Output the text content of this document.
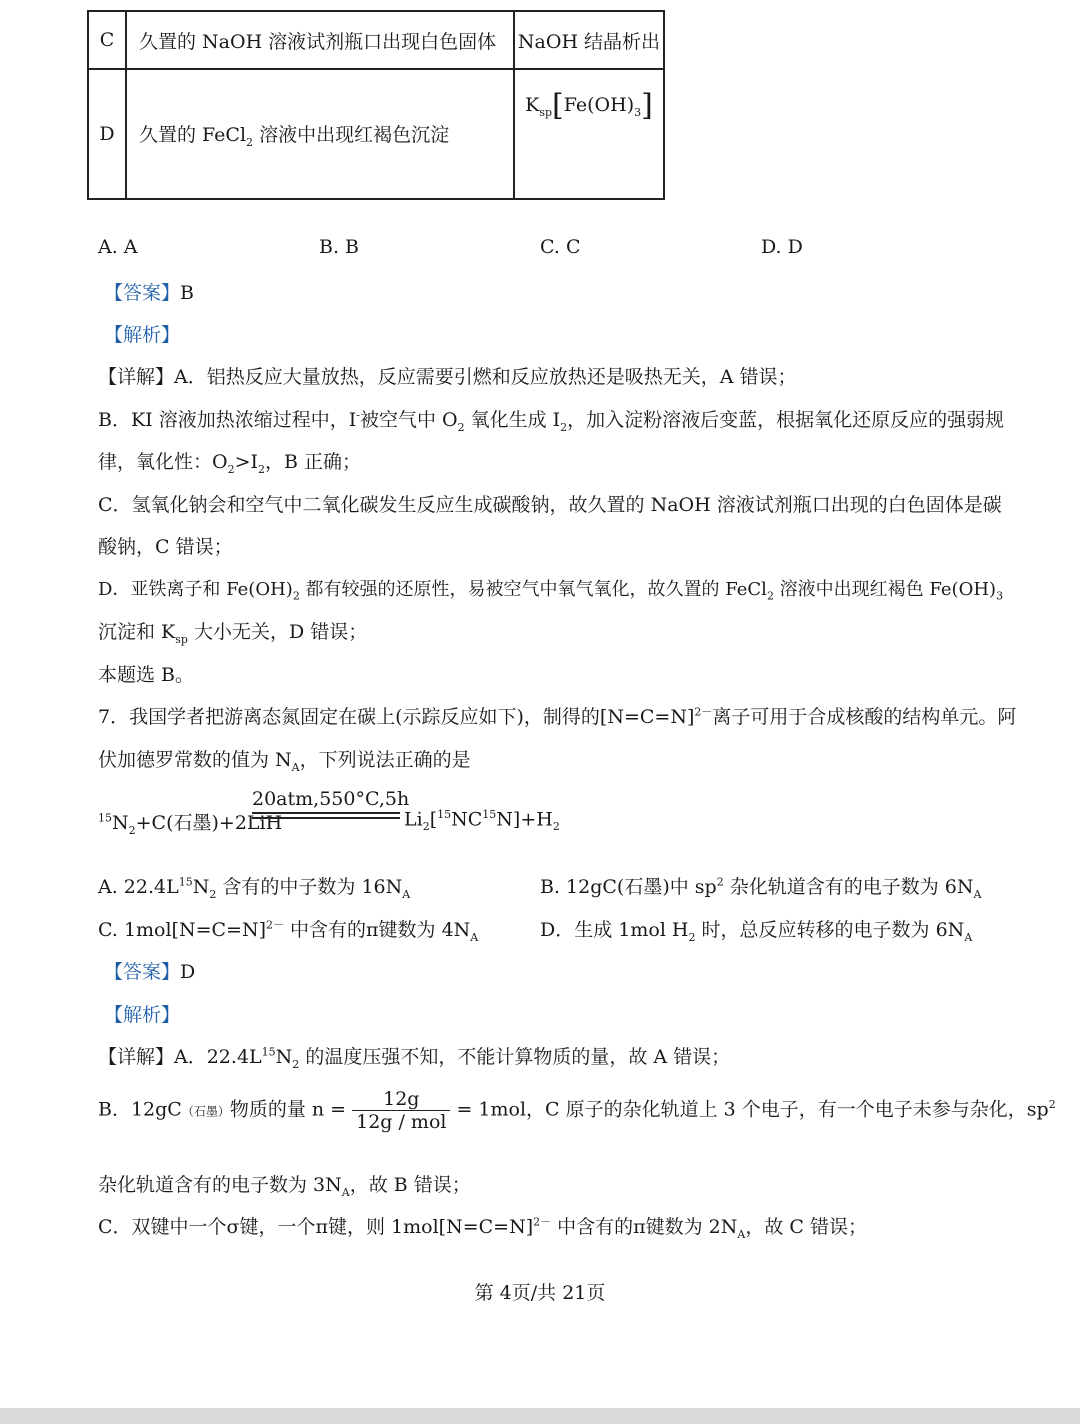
C	久置的 NaOH 溶液试剂瓶口出现白色固体	NaOH 结晶析出
D	久置的 FeCl$_2$ 溶液中出现红褐色沉淀	$K_{sp}[Fe(OH)_3]$
A. A	B. B	C. C	D. D
【答案】B
【解析】
【详解】A．铝热反应大量放热，反应需要引燃和反应放热还是吸热无关，A 错误；
B．KI 溶液加热浓缩过程中，I-被空气中 $O_2$ 氧化生成 $I_2$，加入淀粉溶液后变蓝，根据氧化还原反应的强弱规
律，氧化性：$O_2>I_2$，B 正确；
C．氢氧化钠会和空气中二氧化碳发生反应生成碳酸钠，故久置的 NaOH 溶液试剂瓶口出现的白色固体是碳
酸钠，C 错误；
D．亚铁离子和 $Fe(OH)_2$ 都有较强的还原性，易被空气中氧气氧化，故久置的 FeCl$_2$ 溶液中出现红褐色 $Fe(OH)_3$
沉淀和 $K_{sp}$ 大小无关，D 错误；
本题选 B。
7．我国学者把游离态氮固定在碳上(示踪反应如下)，制得的[N=C=N]$^{2-}$离子可用于合成核酸的结构单元。阿
伏加德罗常数的值为 $N_A$，下列说法正确的是
$^{15}N_2+C$(石墨)+2LiH
20atm,550°C,5h
$Li_2[^{15}NC^{15}N]+H_2$
A. $22.4L^{15}N_2$ 含有的中子数为 $16N_A$	B. 12gC(石墨)中 $sp^2$ 杂化轨道含有的电子数为 $6N_A$
C. 1mol[N=C=N]$^{2-}$ 中含有的π键数为 $4N_A$	D．生成 1mol $H_2$ 时，总反应转移的电子数为 $6N_A$
【答案】D
【解析】
【详解】A．$22.4L^{15}N_2$ 的温度压强不知，不能计算物质的量，故 A 错误；
B．12gC（石墨）物质的量 $n = \frac{12g}{\text{12g / mol}} = 1mol$，C 原子的杂化轨道上 3 个电子，有一个电子未参与杂化，$sp^2$
杂化轨道含有的电子数为 $3N_A$，故 B 错误；
C．双键中一个σ键，一个π键，则 1mol[N=C=N]$^{2-}$ 中含有的π键数为 $2N_A$，故 C 错误；
第 4页/共 21页
